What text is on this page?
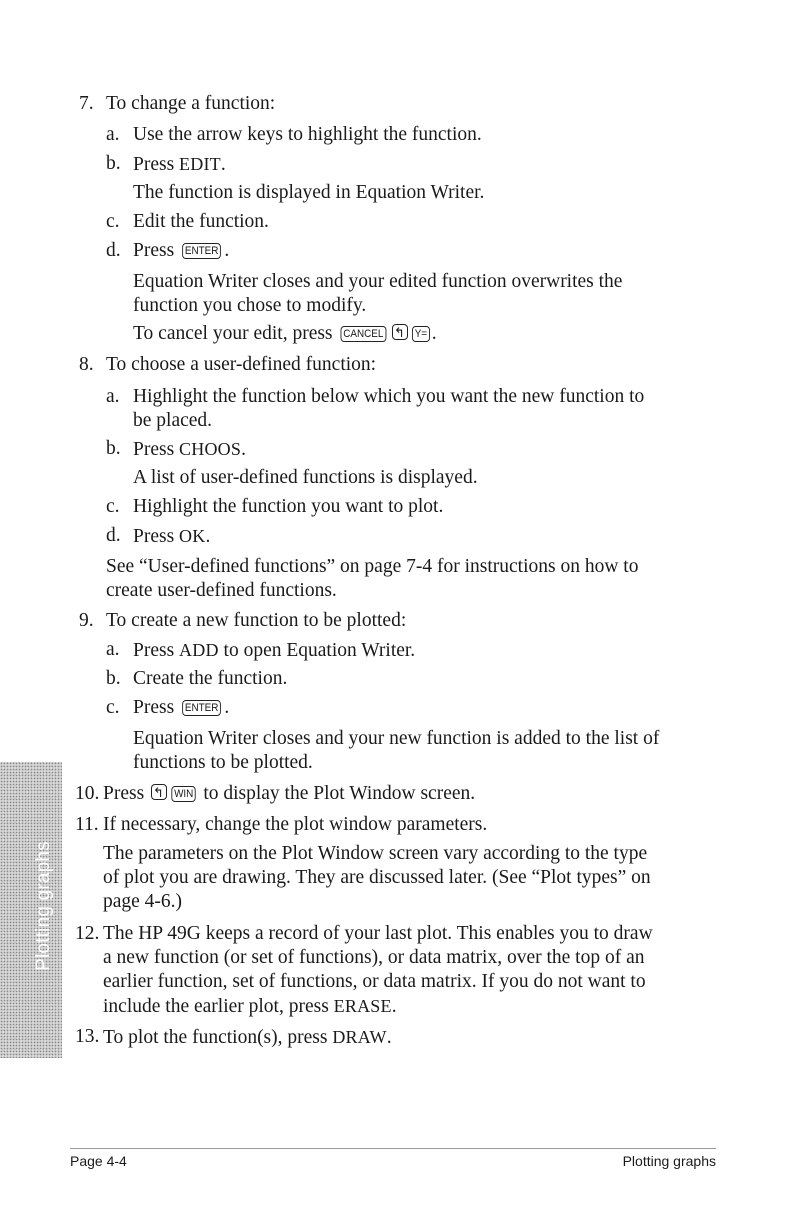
7. To change a function:
a. Use the arrow keys to highlight the function.
b. Press EDIT.
The function is displayed in Equation Writer.
c. Edit the function.
d. Press ENTER .
Equation Writer closes and your edited function overwrites the
function you chose to modify.
To cancel your edit, press CANCEL↰	Y= .
8. To choose a user-defined function:
a. Highlight the function below which you want the new function to
be placed.
b. Press CHOOS.
A list of user-defined functions is displayed.
c. Highlight the function you want to plot.
d. Press OK.
See “User-defined functions” on page 7-4 for instructions on how to
create user-defined functions.
9. To create a new function to be plotted:
a. Press ADD to open Equation Writer.
b. Create the function.
c. Press ENTER .
Equation Writer closes and your new function is added to the list of
functions to be plotted.
Plotting graphs
10. Press ↰WIN to display the Plot Window screen.
11. If necessary, change the plot window parameters.
The parameters on the Plot Window screen vary according to the type
of plot you are drawing. They are discussed later. (See “Plot types” on
page 4-6.)
12. The HP 49G keeps a record of your last plot. This enables you to draw
a new function (or set of functions), or data matrix, over the top of an
earlier function, set of functions, or data matrix. If you do not want to
include the earlier plot, press ERASE.
13. To plot the function(s), press DRAW.
Page 4-4	Plotting graphs
